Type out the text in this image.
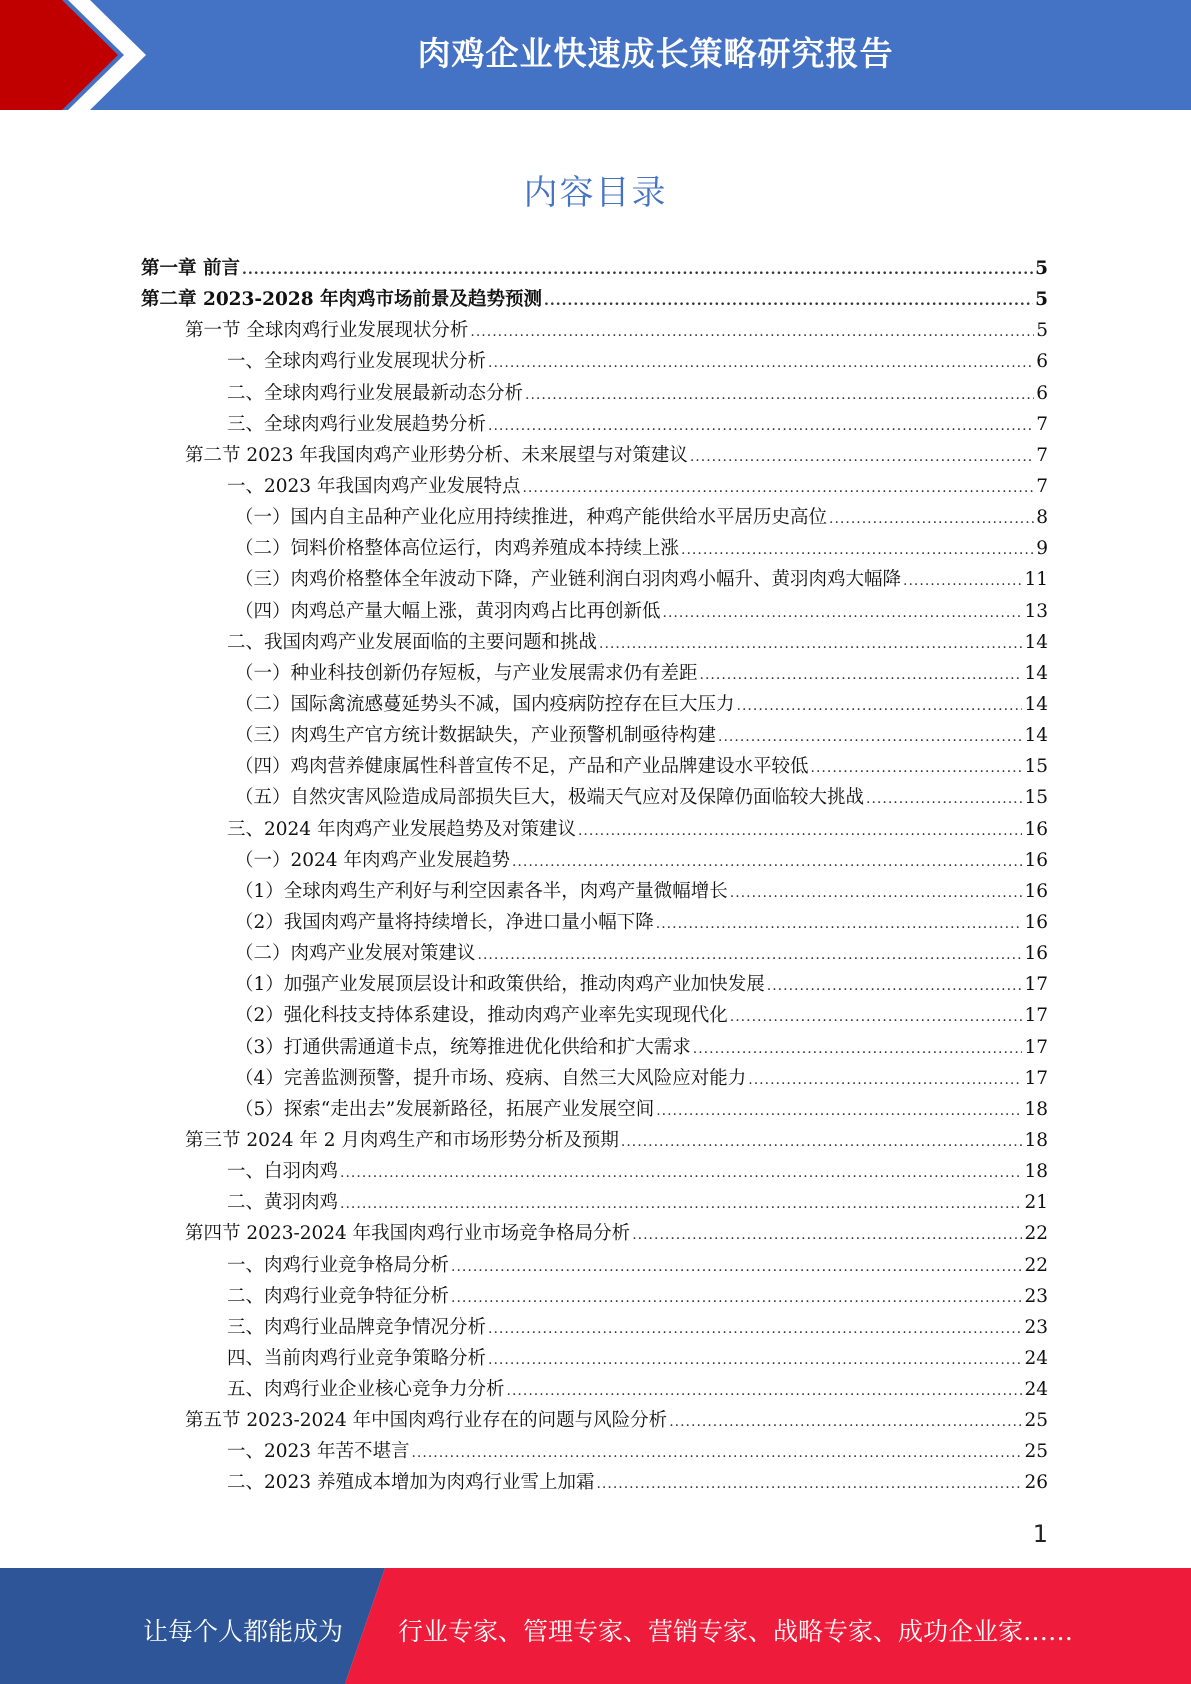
肉鸡企业快速成长策略研究报告
内容目录
第一章 前言 .....	5
第二章 2023-2028 年肉鸡市场前景及趋势预测 .....	5
第一节 全球肉鸡行业发展现状分析 .....	5
一、全球肉鸡行业发展现状分析 .....	6
二、全球肉鸡行业发展最新动态分析 .....	6
三、全球肉鸡行业发展趋势分析 .....	7
第二节 2023 年我国肉鸡产业形势分析、未来展望与对策建议 .....	7
一、2023 年我国肉鸡产业发展特点 .....	7
（一）国内自主品种产业化应用持续推进，种鸡产能供给水平居历史高位 .....	8
（二）饲料价格整体高位运行，肉鸡养殖成本持续上涨 .....	9
（三）肉鸡价格整体全年波动下降，产业链利润白羽肉鸡小幅升、黄羽肉鸡大幅降 .....	11
（四）肉鸡总产量大幅上涨，黄羽肉鸡占比再创新低 .....	13
二、我国肉鸡产业发展面临的主要问题和挑战 .....	14
（一）种业科技创新仍存短板，与产业发展需求仍有差距 .....	14
（二）国际禽流感蔓延势头不减，国内疫病防控存在巨大压力 .....	14
（三）肉鸡生产官方统计数据缺失，产业预警机制亟待构建 .....	14
（四）鸡肉营养健康属性科普宣传不足，产品和产业品牌建设水平较低 .....	15
（五）自然灾害风险造成局部损失巨大，极端天气应对及保障仍面临较大挑战 .....	15
三、2024 年肉鸡产业发展趋势及对策建议 .....	16
（一）2024 年肉鸡产业发展趋势 .....	16
（1）全球肉鸡生产利好与利空因素各半，肉鸡产量微幅增长 .....	16
（2）我国肉鸡产量将持续增长，净进口量小幅下降 .....	16
（二）肉鸡产业发展对策建议 .....	16
（1）加强产业发展顶层设计和政策供给，推动肉鸡产业加快发展 .....	17
（2）强化科技支持体系建设，推动肉鸡产业率先实现现代化 .....	17
（3）打通供需通道卡点，统筹推进优化供给和扩大需求 .....	17
（4）完善监测预警，提升市场、疫病、自然三大风险应对能力 .....	17
（5）探索“走出去”发展新路径，拓展产业发展空间 .....	18
第三节 2024 年 2 月肉鸡生产和市场形势分析及预期 .....	18
一、白羽肉鸡 .....	18
二、黄羽肉鸡 .....	21
第四节 2023-2024 年我国肉鸡行业市场竞争格局分析 .....	22
一、肉鸡行业竞争格局分析 .....	22
二、肉鸡行业竞争特征分析 .....	23
三、肉鸡行业品牌竞争情况分析 .....	23
四、当前肉鸡行业竞争策略分析 .....	24
五、肉鸡行业企业核心竞争力分析 .....	24
第五节 2023-2024 年中国肉鸡行业存在的问题与风险分析 .....	25
一、2023 年苦不堪言 .....	25
二、2023 养殖成本增加为肉鸡行业雪上加霜 .....	26
1
让每个人都能成为 行业专家、管理专家、营销专家、战略专家、成功企业家……
